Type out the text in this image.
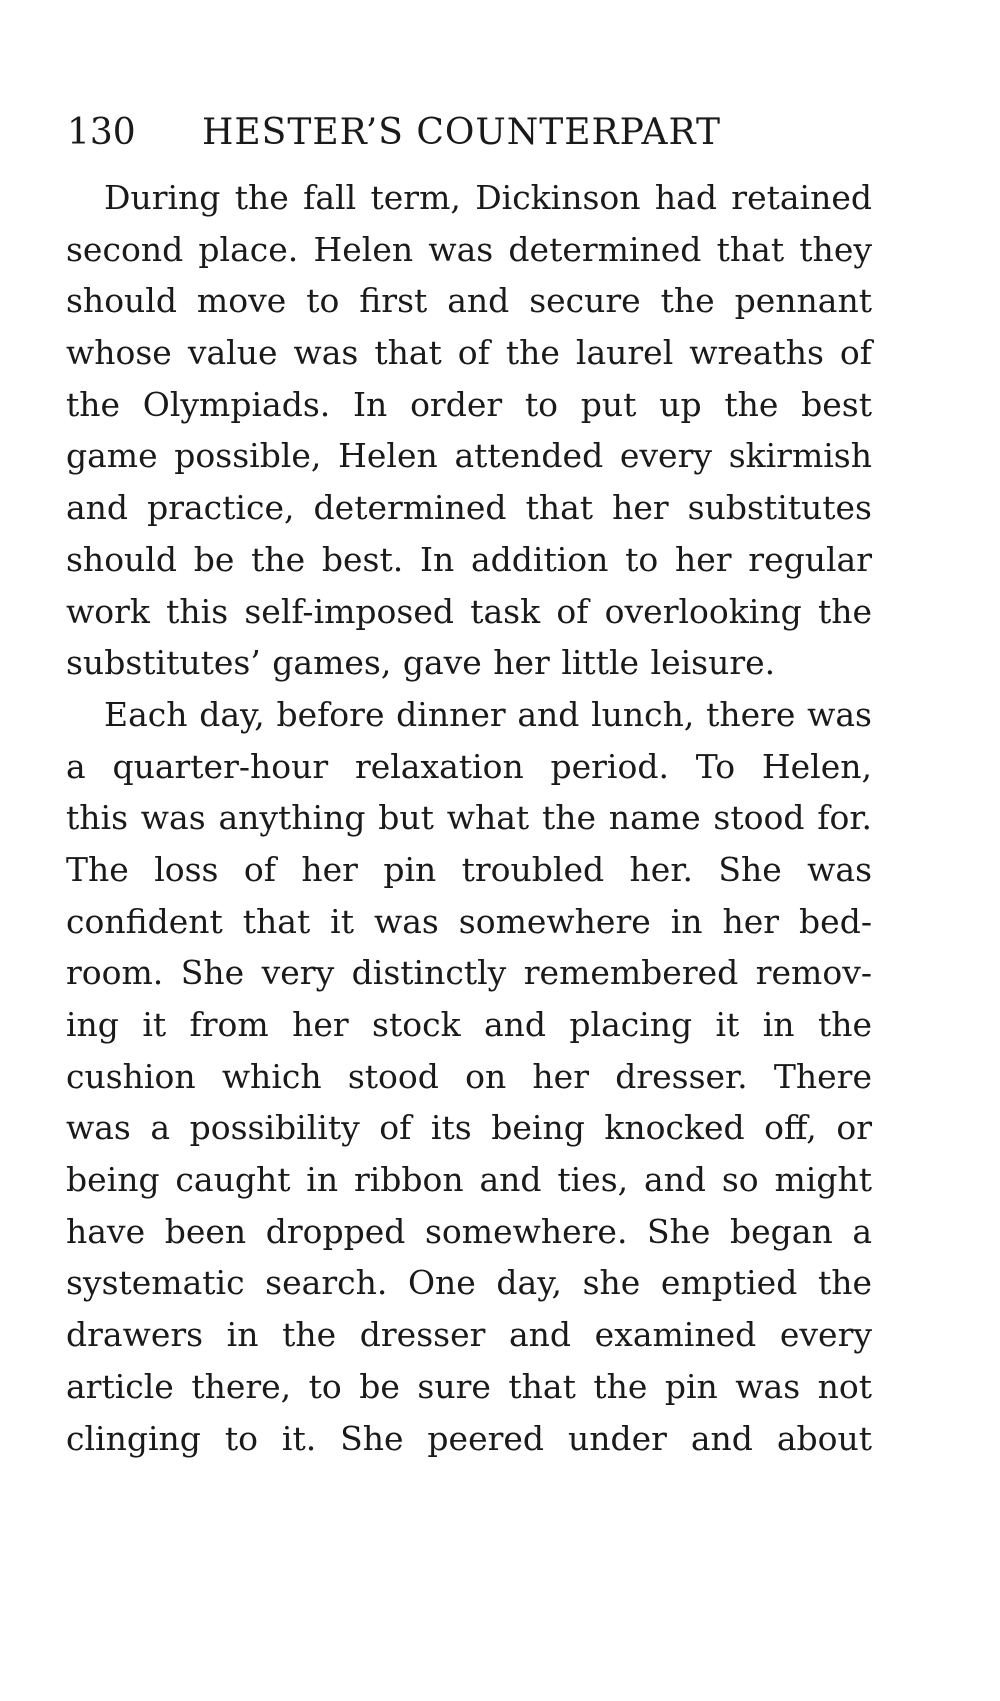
130 HESTER’S COUNTERPART
During the fall term, Dickinson had retained
second place. Helen was determined that they
should move to first and secure the pennant
whose value was that of the laurel wreaths of
the Olympiads. In order to put up the best
game possible, Helen attended every skirmish
and practice, determined that her substitutes
should be the best. In addition to her regular
work this self-imposed task of overlooking the
substitutes’ games, gave her little leisure.
Each day, before dinner and lunch, there was
a quarter-hour relaxation period. To Helen,
this was anything but what the name stood for.
The loss of her pin troubled her. She was
confident that it was somewhere in her bed-
room. She very distinctly remembered remov-
ing it from her stock and placing it in the
cushion which stood on her dresser. There
was a possibility of its being knocked off, or
being caught in ribbon and ties, and so might
have been dropped somewhere. She began a
systematic search. One day, she emptied the
drawers in the dresser and examined every
article there, to be sure that the pin was not
clinging to it. She peered under and about
